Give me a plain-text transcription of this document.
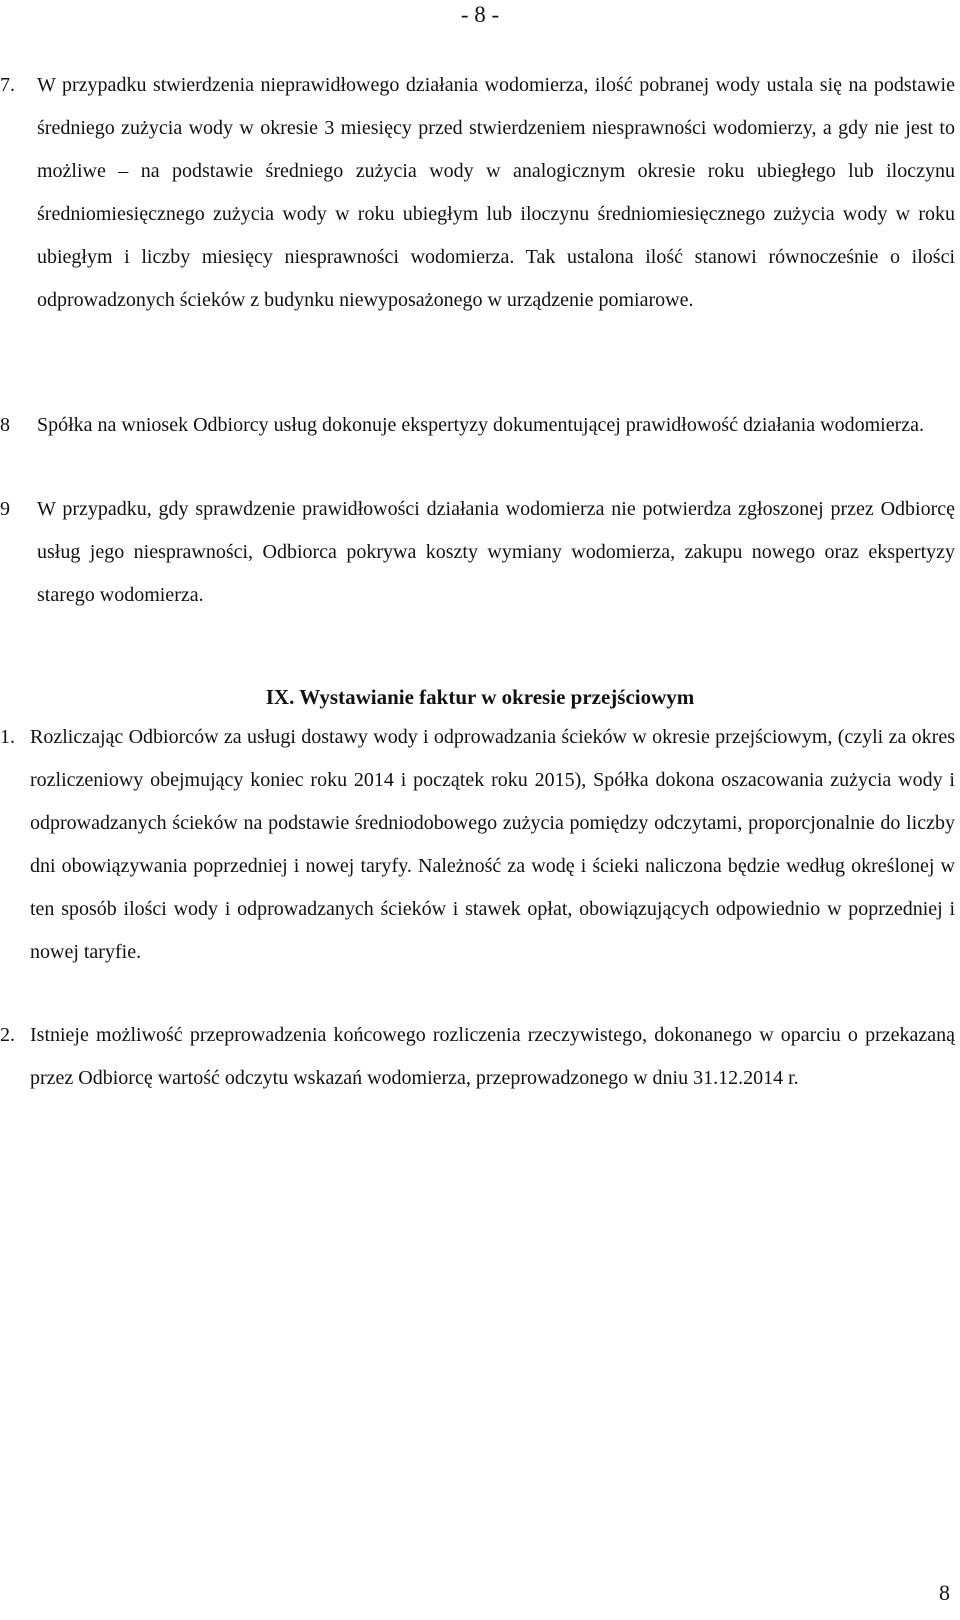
- 8 -
7. W przypadku stwierdzenia nieprawidłowego działania wodomierza, ilość pobranej wody ustala się na podstawie średniego zużycia wody w okresie 3 miesięcy przed stwierdzeniem niesprawności wodomierzy, a gdy nie jest to możliwe – na podstawie średniego zużycia wody w analogicznym okresie roku ubiegłego lub iloczynu średniomiesięcznego zużycia wody w roku ubiegłym lub iloczynu średniomiesięcznego zużycia wody w roku ubiegłym i liczby miesięcy niesprawności wodomierza. Tak ustalona ilość stanowi równocześnie o ilości odprowadzonych ścieków z budynku niewyposażonego w urządzenie pomiarowe.
8 Spółka na wniosek Odbiorcy usług dokonuje ekspertyzy dokumentującej prawidłowość działania wodomierza.
9 W przypadku, gdy sprawdzenie prawidłowości działania wodomierza nie potwierdza zgłoszonej przez Odbiorcę usług jego niesprawności, Odbiorca pokrywa koszty wymiany wodomierza, zakupu nowego oraz ekspertyzy starego wodomierza.
IX. Wystawianie faktur w okresie przejściowym
1. Rozliczając Odbiorców za usługi dostawy wody i odprowadzania ścieków w okresie przejściowym, (czyli za okres rozliczeniowy obejmujący koniec roku 2014 i początek roku 2015), Spółka dokona oszacowania zużycia wody i odprowadzanych ścieków na podstawie średniodobowego zużycia pomiędzy odczytami, proporcjonalnie do liczby dni obowiązywania poprzedniej i nowej taryfy. Należność za wodę i ścieki naliczona będzie według określonej w ten sposób ilości wody i odprowadzanych ścieków i stawek opłat, obowiązujących odpowiednio w poprzedniej i nowej taryfie.
2. Istnieje możliwość przeprowadzenia końcowego rozliczenia rzeczywistego, dokonanego w oparciu o przekazaną przez Odbiorcę wartość odczytu wskazań wodomierza, przeprowadzonego w dniu 31.12.2014 r.
8
